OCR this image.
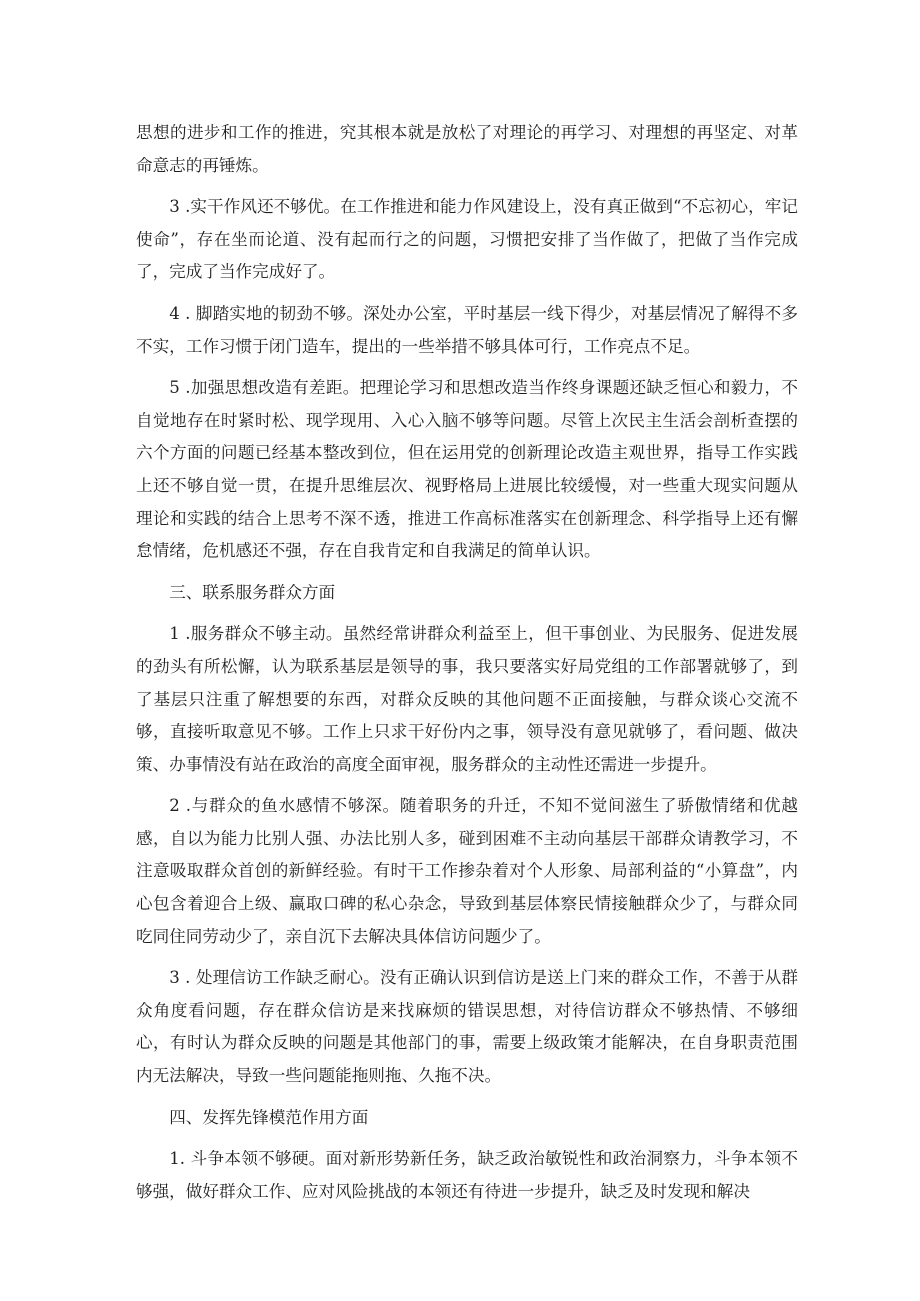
思想的进步和工作的推进，究其根本就是放松了对理论的再学习、对理想的再坚定、对革命意志的再锤炼。

3 .实干作风还不够优。在工作推进和能力作风建设上，没有真正做到“不忘初心，牢记使命”，存在坐而论道、没有起而行之的问题，习惯把安排了当作做了，把做了当作完成了，完成了当作完成好了。

4 . 脚踏实地的韧劲不够。深处办公室，平时基层一线下得少，对基层情况了解得不多不实，工作习惯于闭门造车，提出的一些举措不够具体可行，工作亮点不足。

5 .加强思想改造有差距。把理论学习和思想改造当作终身课题还缺乏恒心和毅力，不自觉地存在时紧时松、现学现用、入心入脑不够等问题。尽管上次民主生活会剖析查摆的六个方面的问题已经基本整改到位，但在运用党的创新理论改造主观世界，指导工作实践上还不够自觉一贯，在提升思维层次、视野格局上进展比较缓慢，对一些重大现实问题从理论和实践的结合上思考不深不透，推进工作高标准落实在创新理念、科学指导上还有懈怠情绪，危机感还不强，存在自我肯定和自我满足的简单认识。

三、联系服务群众方面

1 .服务群众不够主动。虽然经常讲群众利益至上，但干事创业、为民服务、促进发展的劲头有所松懈，认为联系基层是领导的事，我只要落实好局党组的工作部署就够了，到了基层只注重了解想要的东西，对群众反映的其他问题不正面接触，与群众谈心交流不够，直接听取意见不够。工作上只求干好份内之事，领导没有意见就够了，看问题、做决策、办事情没有站在政治的高度全面审视，服务群众的主动性还需进一步提升。

2 .与群众的鱼水感情不够深。随着职务的升迁，不知不觉间滋生了骄傲情绪和优越感，自以为能力比别人强、办法比别人多，碰到困难不主动向基层干部群众请教学习，不注意吸取群众首创的新鲜经验。有时干工作掺杂着对个人形象、局部利益的“小算盘”，内心包含着迎合上级、赢取口碑的私心杂念，导致到基层体察民情接触群众少了，与群众同吃同住同劳动少了，亲自沉下去解决具体信访问题少了。

3 . 处理信访工作缺乏耐心。没有正确认识到信访是送上门来的群众工作，不善于从群众角度看问题，存在群众信访是来找麻烦的错误思想，对待信访群众不够热情、不够细心，有时认为群众反映的问题是其他部门的事，需要上级政策才能解决，在自身职责范围内无法解决，导致一些问题能拖则拖、久拖不决。

四、发挥先锋模范作用方面

1. 斗争本领不够硬。面对新形势新任务，缺乏政治敏锐性和政治洞察力，斗争本领不够强，做好群众工作、应对风险挑战的本领还有待进一步提升，缺乏及时发现和解决
